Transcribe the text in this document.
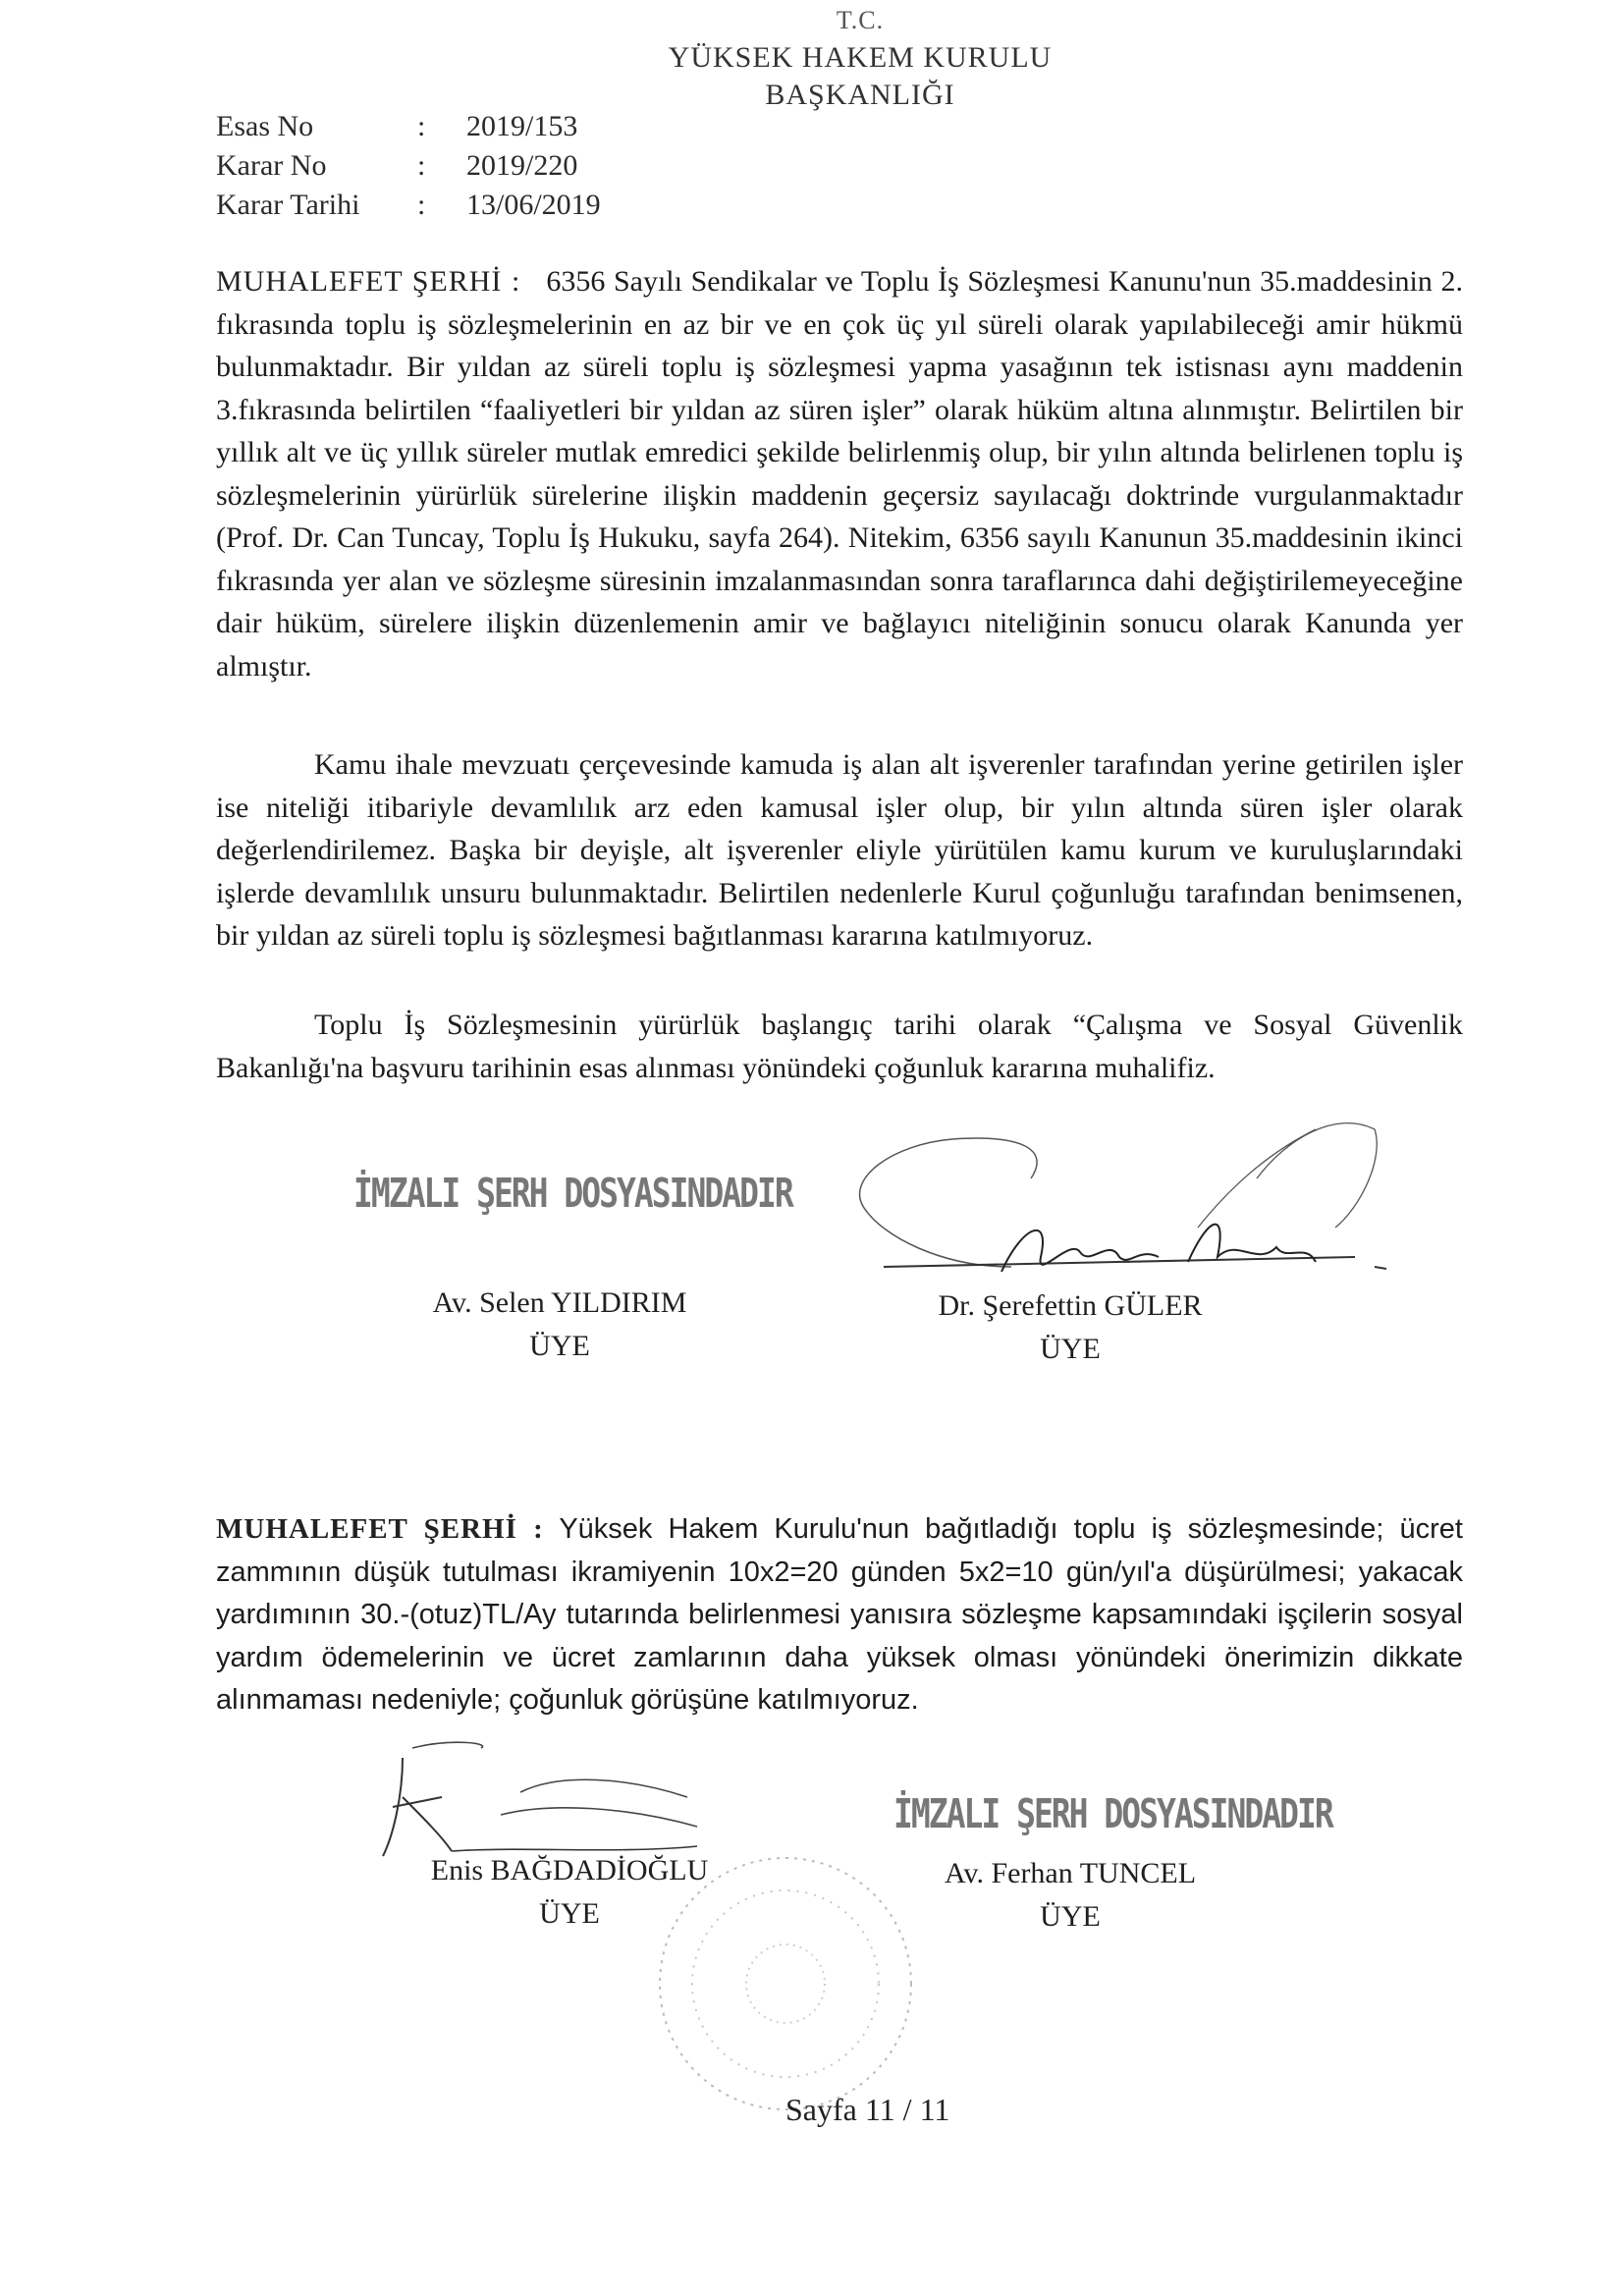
T.C.
YÜKSEK HAKEM KURULU
BAŞKANLIĞI
Esas No	: 2019/153
Karar No	: 2019/220
Karar Tarihi : 13/06/2019
MUHALEFET ŞERHİ : 6356 Sayılı Sendikalar ve Toplu İş Sözleşmesi Kanunu'nun 35.maddesinin 2. fıkrasında toplu iş sözleşmelerinin en az bir ve en çok üç yıl süreli olarak yapılabileceği amir hükmü bulunmaktadır. Bir yıldan az süreli toplu iş sözleşmesi yapma yasağının tek istisnası aynı maddenin 3.fıkrasında belirtilen “faaliyetleri bir yıldan az süren işler” olarak hüküm altına alınmıştır. Belirtilen bir yıllık alt ve üç yıllık süreler mutlak emredici şekilde belirlenmiş olup, bir yılın altında belirlenen toplu iş sözleşmelerinin yürürlük sürelerine ilişkin maddenin geçersiz sayılacağı doktrinde vurgulanmaktadır (Prof. Dr. Can Tuncay, Toplu İş Hukuku, sayfa 264). Nitekim, 6356 sayılı Kanunun 35.maddesinin ikinci fıkrasında yer alan ve sözleşme süresinin imzalanmasından sonra taraflarınca dahi değiştirilemeyeceğine dair hüküm, sürelere ilişkin düzenlemenin amir ve bağlayıcı niteliğinin sonucu olarak Kanunda yer almıştır.
Kamu ihale mevzuatı çerçevesinde kamuda iş alan alt işverenler tarafından yerine getirilen işler ise niteliği itibariyle devamlılık arz eden kamusal işler olup, bir yılın altında süren işler olarak değerlendirilemez. Başka bir deyişle, alt işverenler eliyle yürütülen kamu kurum ve kuruluşlarındaki işlerde devamlılık unsuru bulunmaktadır. Belirtilen nedenlerle Kurul çoğunluğu tarafından benimsenen, bir yıldan az süreli toplu iş sözleşmesi bağıtlanması kararına katılmıyoruz.
Toplu İş Sözleşmesinin yürürlük başlangıç tarihi olarak “Çalışma ve Sosyal Güvenlik Bakanlığı'na başvuru tarihinin esas alınması yönündeki çoğunluk kararına muhalifiz.
İMZALI ŞERH DOSYASINDADIR
Av. Selen YILDIRIM
ÜYE
Dr. Şerefettin GÜLER
ÜYE
MUHALEFET ŞERHİ : Yüksek Hakem Kurulu'nun bağıtladığı toplu iş sözleşmesinde; ücret zammının düşük tutulması ikramiyenin 10x2=20 günden 5x2=10 gün/yıl'a düşürülmesi; yakacak yardımının 30.-(otuz)TL/Ay tutarında belirlenmesi yanısıra sözleşme kapsamındaki işçilerin sosyal yardım ödemelerinin ve ücret zamlarının daha yüksek olması yönündeki önerimizin dikkate alınmaması nedeniyle; çoğunluk görüşüne katılmıyoruz.
Enis BAĞDADİOĞLU
ÜYE
İMZALI ŞERH DOSYASINDADIR
Av. Ferhan TUNCEL
ÜYE
Sayfa 11 / 11
